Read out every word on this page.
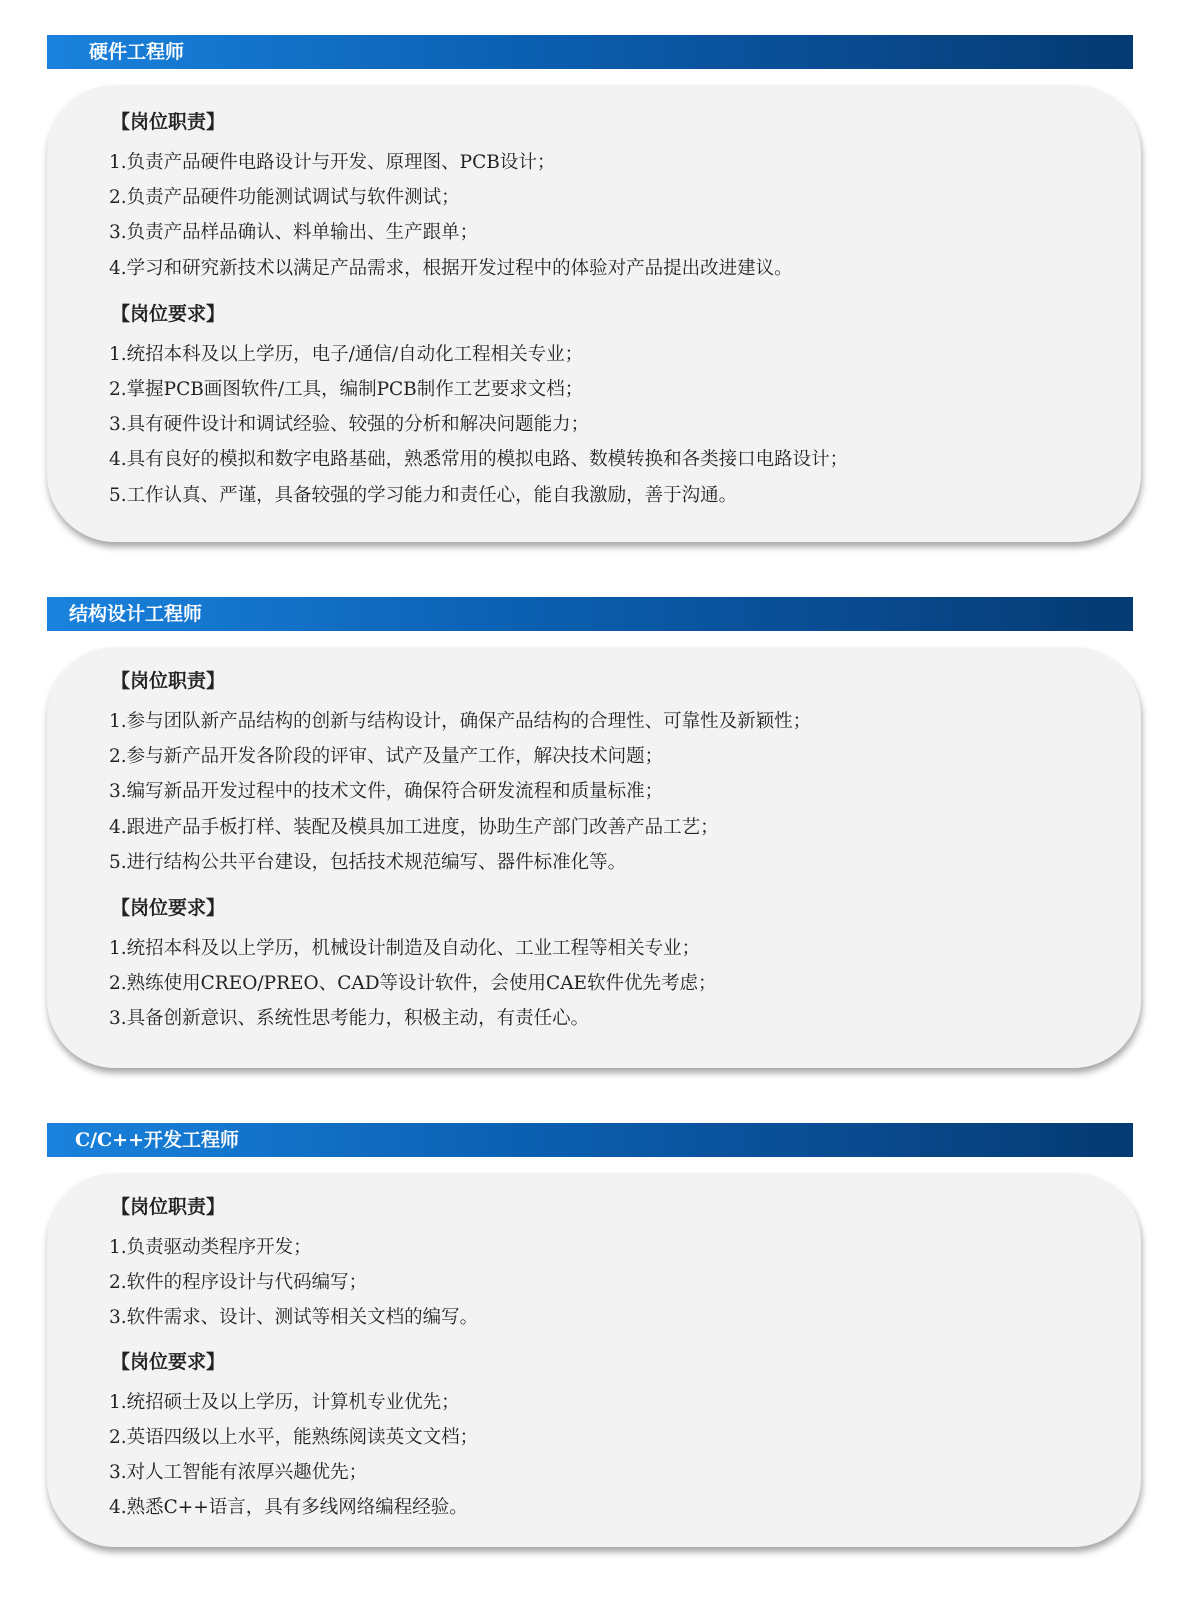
硬件工程师

【岗位职责】

1.负责产品硬件电路设计与开发、原理图、PCB设计；
2.负责产品硬件功能测试调试与软件测试；
3.负责产品样品确认、料单输出、生产跟单；
4.学习和研究新技术以满足产品需求，根据开发过程中的体验对产品提出改进建议。

【岗位要求】

1.统招本科及以上学历，电子/通信/自动化工程相关专业；
2.掌握PCB画图软件/工具，编制PCB制作工艺要求文档；
3.具有硬件设计和调试经验、较强的分析和解决问题能力；
4.具有良好的模拟和数字电路基础，熟悉常用的模拟电路、数模转换和各类接口电路设计；
5.工作认真、严谨，具备较强的学习能力和责任心，能自我激励，善于沟通。
结构设计工程师

【岗位职责】

1.参与团队新产品结构的创新与结构设计，确保产品结构的合理性、可靠性及新颖性；
2.参与新产品开发各阶段的评审、试产及量产工作，解决技术问题；
3.编写新品开发过程中的技术文件，确保符合研发流程和质量标准；
4.跟进产品手板打样、装配及模具加工进度，协助生产部门改善产品工艺；
5.进行结构公共平台建设，包括技术规范编写、器件标准化等。

【岗位要求】

1.统招本科及以上学历，机械设计制造及自动化、工业工程等相关专业；
2.熟练使用CREO/PREO、CAD等设计软件，会使用CAE软件优先考虑；
3.具备创新意识、系统性思考能力，积极主动，有责任心。
C/C++开发工程师

【岗位职责】

1.负责驱动类程序开发；
2.软件的程序设计与代码编写；
3.软件需求、设计、测试等相关文档的编写。

【岗位要求】

1.统招硕士及以上学历，计算机专业优先；
2.英语四级以上水平，能熟练阅读英文文档；
3.对人工智能有浓厚兴趣优先；
4.熟悉C++语言，具有多线网络编程经验。
